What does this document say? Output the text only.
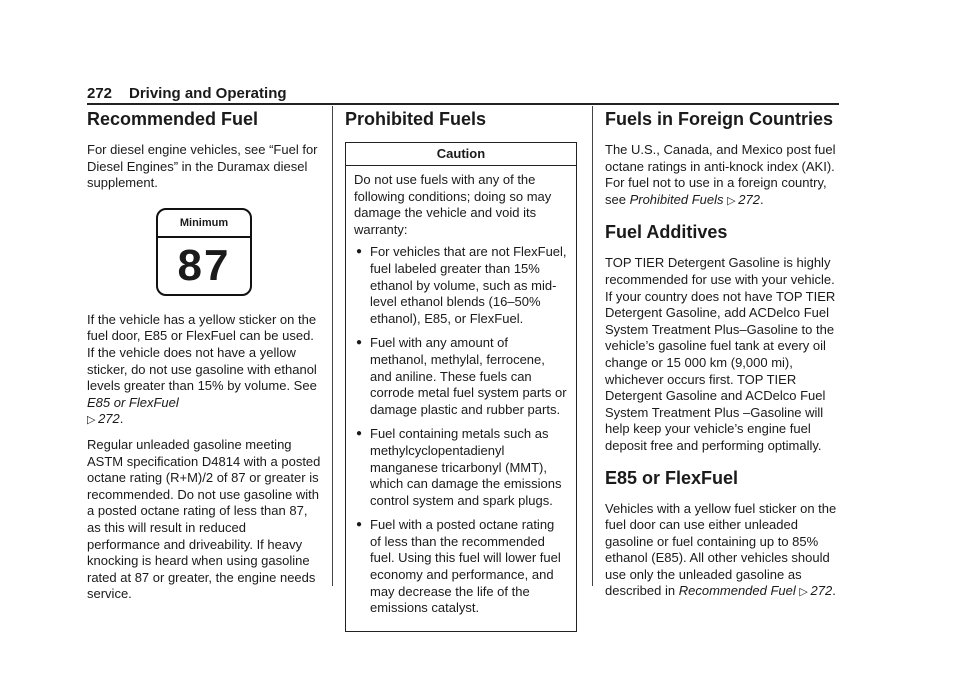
272 Driving and Operating
Recommended Fuel

For diesel engine vehicles, see “Fuel for Diesel Engines” in the Duramax diesel supplement.

Minimum
87

If the vehicle has a yellow sticker on the fuel door, E85 or FlexFuel can be used. If the vehicle does not have a yellow sticker, do not use gasoline with ethanol levels greater than 15% by volume. See E85 or FlexFuel
▷  272.

Regular unleaded gasoline meeting ASTM specification D4814 with a posted octane rating (R+M)/2 of 87 or greater is recommended. Do not use gasoline with a posted octane rating of less than 87, as this will result in reduced performance and driveability. If heavy knocking is heard when using gasoline rated at 87 or greater, the engine needs service.

Prohibited Fuels
Caution

Do not use fuels with any of the following conditions; doing so may damage the vehicle and void its warranty:

● For vehicles that are not FlexFuel, fuel labeled greater than 15% ethanol by volume, such as mid-level ethanol blends (16–50% ethanol), E85, or FlexFuel.
● Fuel with any amount of methanol, methylal, ferrocene, and aniline. These fuels can corrode metal fuel system parts or damage plastic and rubber parts.
● Fuel containing metals such as methylcyclopentadienyl manganese tricarbonyl (MMT), which can damage the emissions control system and spark plugs.
● Fuel with a posted octane rating of less than the recommended fuel. Using this fuel will lower fuel economy and performance, and may decrease the life of the emissions catalyst.
Fuels in Foreign Countries

The U.S., Canada, and Mexico post fuel octane ratings in anti-knock index (AKI). For fuel not to use in a foreign country, see Prohibited Fuels ▷  272.

Fuel Additives

TOP TIER Detergent Gasoline is highly recommended for use with your vehicle. If your country does not have TOP TIER Detergent Gasoline, add ACDelco Fuel System Treatment Plus–Gasoline to the vehicle’s gasoline fuel tank at every oil change or 15 000 km (9,000 mi), whichever occurs first. TOP TIER Detergent Gasoline and ACDelco Fuel System Treatment Plus –Gasoline will help keep your vehicle’s engine fuel deposit free and performing optimally.

E85 or FlexFuel

Vehicles with a yellow fuel sticker on the fuel door can use either unleaded gasoline or fuel containing up to 85% ethanol (E85). All other vehicles should use only the unleaded gasoline as described in Recommended Fuel ▷  272.
